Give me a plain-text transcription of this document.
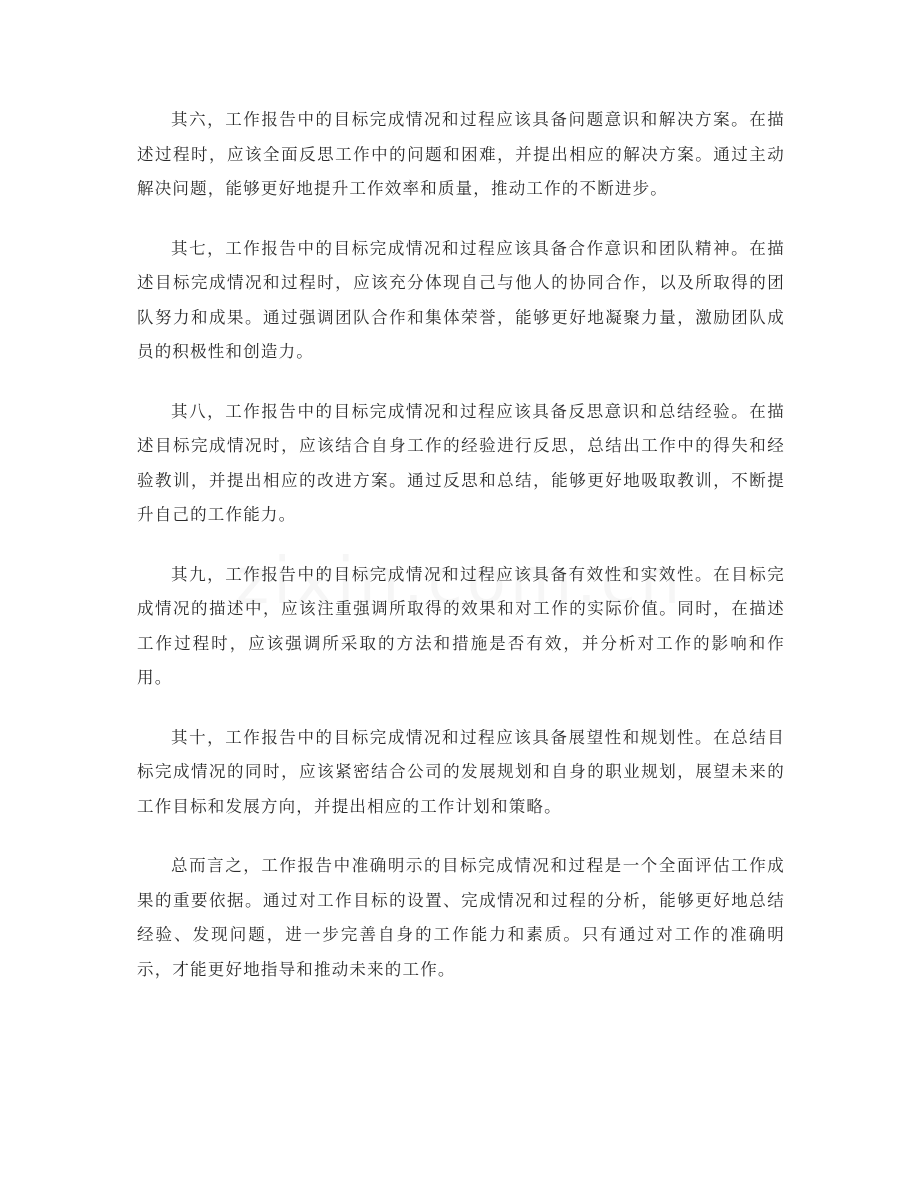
其六，工作报告中的目标完成情况和过程应该具备问题意识和解决方案。在描述过程时，应该全面反思工作中的问题和困难，并提出相应的解决方案。通过主动解决问题，能够更好地提升工作效率和质量，推动工作的不断进步。

其七，工作报告中的目标完成情况和过程应该具备合作意识和团队精神。在描述目标完成情况和过程时，应该充分体现自己与他人的协同合作，以及所取得的团队努力和成果。通过强调团队合作和集体荣誉，能够更好地凝聚力量，激励团队成员的积极性和创造力。

其八，工作报告中的目标完成情况和过程应该具备反思意识和总结经验。在描述目标完成情况时，应该结合自身工作的经验进行反思，总结出工作中的得失和经验教训，并提出相应的改进方案。通过反思和总结，能够更好地吸取教训，不断提升自己的工作能力。

其九，工作报告中的目标完成情况和过程应该具备有效性和实效性。在目标完成情况的描述中，应该注重强调所取得的效果和对工作的实际价值。同时，在描述工作过程时，应该强调所采取的方法和措施是否有效，并分析对工作的影响和作用。

其十，工作报告中的目标完成情况和过程应该具备展望性和规划性。在总结目标完成情况的同时，应该紧密结合公司的发展规划和自身的职业规划，展望未来的工作目标和发展方向，并提出相应的工作计划和策略。

总而言之，工作报告中准确明示的目标完成情况和过程是一个全面评估工作成果的重要依据。通过对工作目标的设置、完成情况和过程的分析，能够更好地总结经验、发现问题，进一步完善自身的工作能力和素质。只有通过对工作的准确明示，才能更好地指导和推动未来的工作。
